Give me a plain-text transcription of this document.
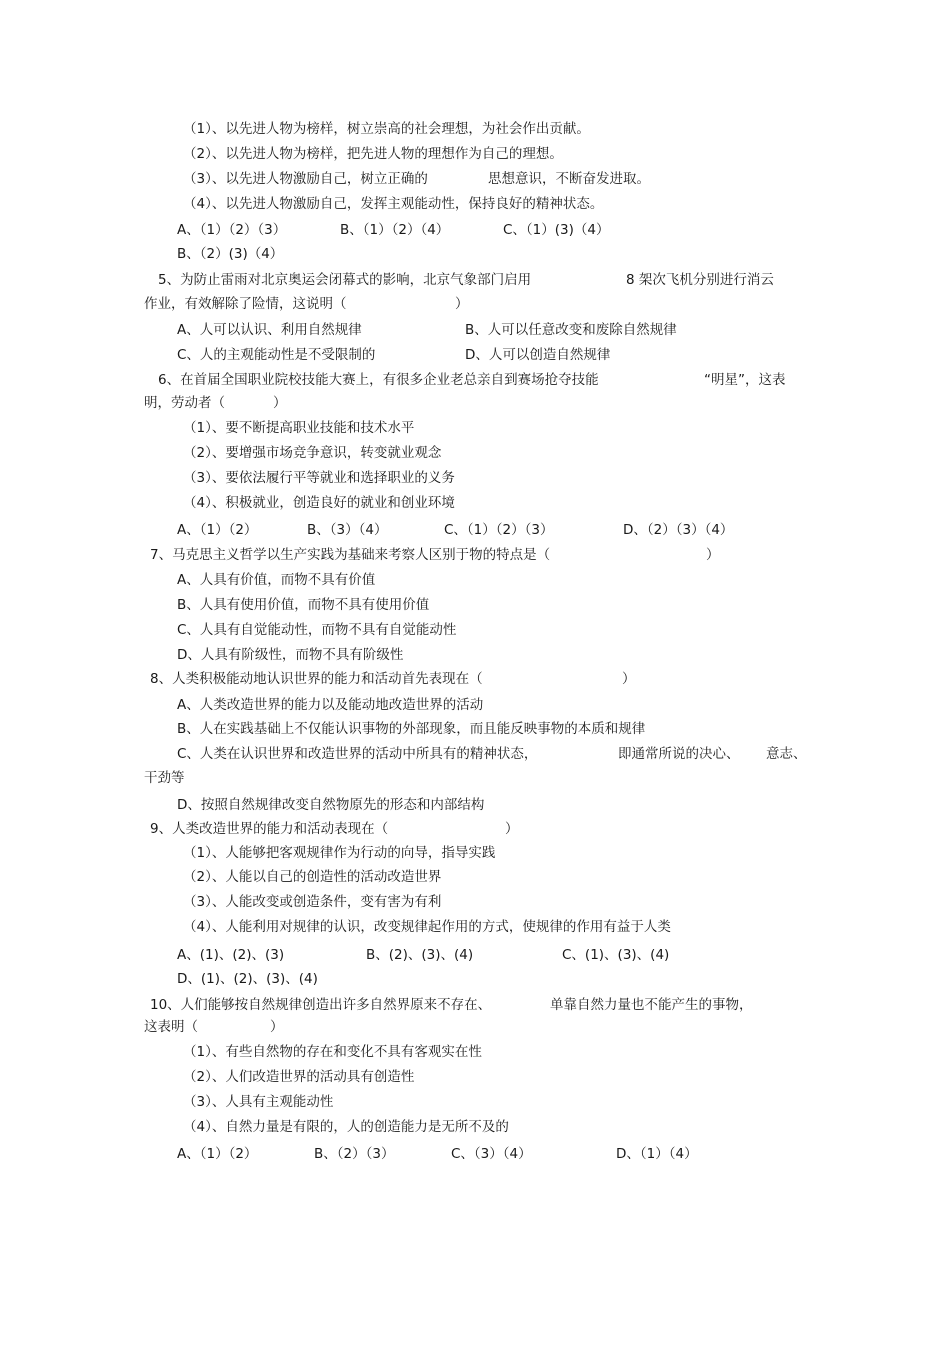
（1）、以先进人物为榜样，树立崇高的社会理想，为社会作出贡献。
（2）、以先进人物为榜样，把先进人物的理想作为自己的理想。
（3）、以先进人物激励自己，树立正确的	思想意识，不断奋发进取。
（4）、以先进人物激励自己，发挥主观能动性，保持良好的精神状态。
A、（1）（2）（3）	B、（1）（2）（4）	C、（1）(3)（4）
B、（2）(3)（4）
5、为防止雷雨对北京奥运会闭幕式的影响，北京气象部门启用	8 架次飞机分别进行消云
作业，有效解除了险情，这说明（	）
A、人可以认识、利用自然规律	B、人可以任意改变和废除自然规律
C、人的主观能动性是不受限制的	D、人可以创造自然规律
6、在首届全国职业院校技能大赛上，有很多企业老总亲自到赛场抢夺技能	“明星”，这表
明，劳动者（	）
（1）、要不断提高职业技能和技术水平
（2）、要增强市场竞争意识，转变就业观念
（3）、要依法履行平等就业和选择职业的义务
（4）、积极就业，创造良好的就业和创业环境
A、（1）（2）	B、（3）（4）	C、（1）（2）（3）	D、（2）（3）（4）
7、马克思主义哲学以生产实践为基础来考察人区别于物的特点是（	）
A、人具有价值，而物不具有价值
B、人具有使用价值，而物不具有使用价值
C、人具有自觉能动性，而物不具有自觉能动性
D、人具有阶级性，而物不具有阶级性
8、人类积极能动地认识世界的能力和活动首先表现在（	）
A、人类改造世界的能力以及能动地改造世界的活动
B、人在实践基础上不仅能认识事物的外部现象，而且能反映事物的本质和规律
C、人类在认识世界和改造世界的活动中所具有的精神状态，	即通常所说的决心、 意志、
干劲等
D、按照自然规律改变自然物原先的形态和内部结构
9、人类改造世界的能力和活动表现在（	）
（1）、人能够把客观规律作为行动的向导，指导实践
（2）、人能以自己的创造性的活动改造世界
（3）、人能改变或创造条件，变有害为有利
（4）、人能利用对规律的认识，改变规律起作用的方式，使规律的作用有益于人类
A、(1)、(2)、(3)	B、(2)、(3)、(4)	C、(1)、(3)、(4)
D、(1)、(2)、(3)、(4)
10、人们能够按自然规律创造出许多自然界原来不存在、	单靠自然力量也不能产生的事物，
这表明（	）
（1）、有些自然物的存在和变化不具有客观实在性
（2）、人们改造世界的活动具有创造性
（3）、人具有主观能动性
（4）、自然力量是有限的，人的创造能力是无所不及的
A、（1）（2）	B、（2）（3）	C、（3）（4）	D、（1）（4）
